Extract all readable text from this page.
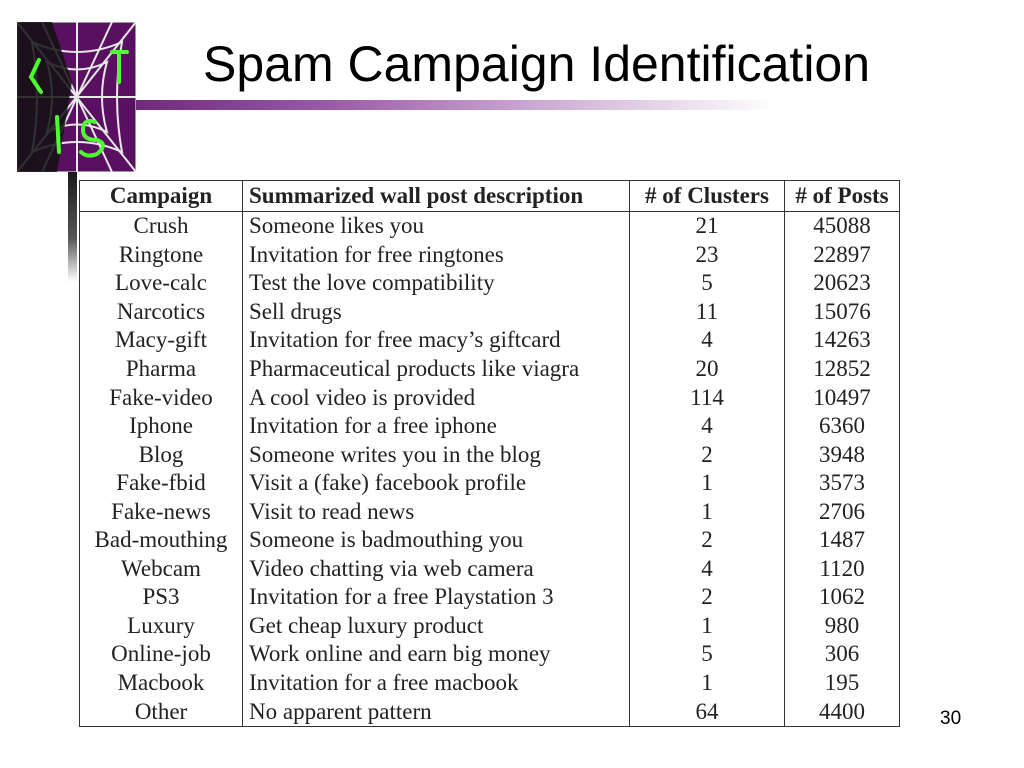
Spam Campaign Identification
Campaign	Summarized wall post description	# of Clusters	# of Posts
Crush	Someone likes you	21	45088
Ringtone	Invitation for free ringtones	23	22897
Love-calc	Test the love compatibility	5	20623
Narcotics	Sell drugs	11	15076
Macy-gift	Invitation for free macy’s giftcard	4	14263
Pharma	Pharmaceutical products like viagra	20	12852
Fake-video	A cool video is provided	114	10497
Iphone	Invitation for a free iphone	4	6360
Blog	Someone writes you in the blog	2	3948
Fake-fbid	Visit a (fake) facebook profile	1	3573
Fake-news	Visit to read news	1	2706
Bad-mouthing	Someone is badmouthing you	2	1487
Webcam	Video chatting via web camera	4	1120
PS3	Invitation for a free Playstation 3	2	1062
Luxury	Get cheap luxury product	1	980
Online-job	Work online and earn big money	5	306
Macbook	Invitation for a free macbook	1	195
Other	No apparent pattern	64	4400	30
